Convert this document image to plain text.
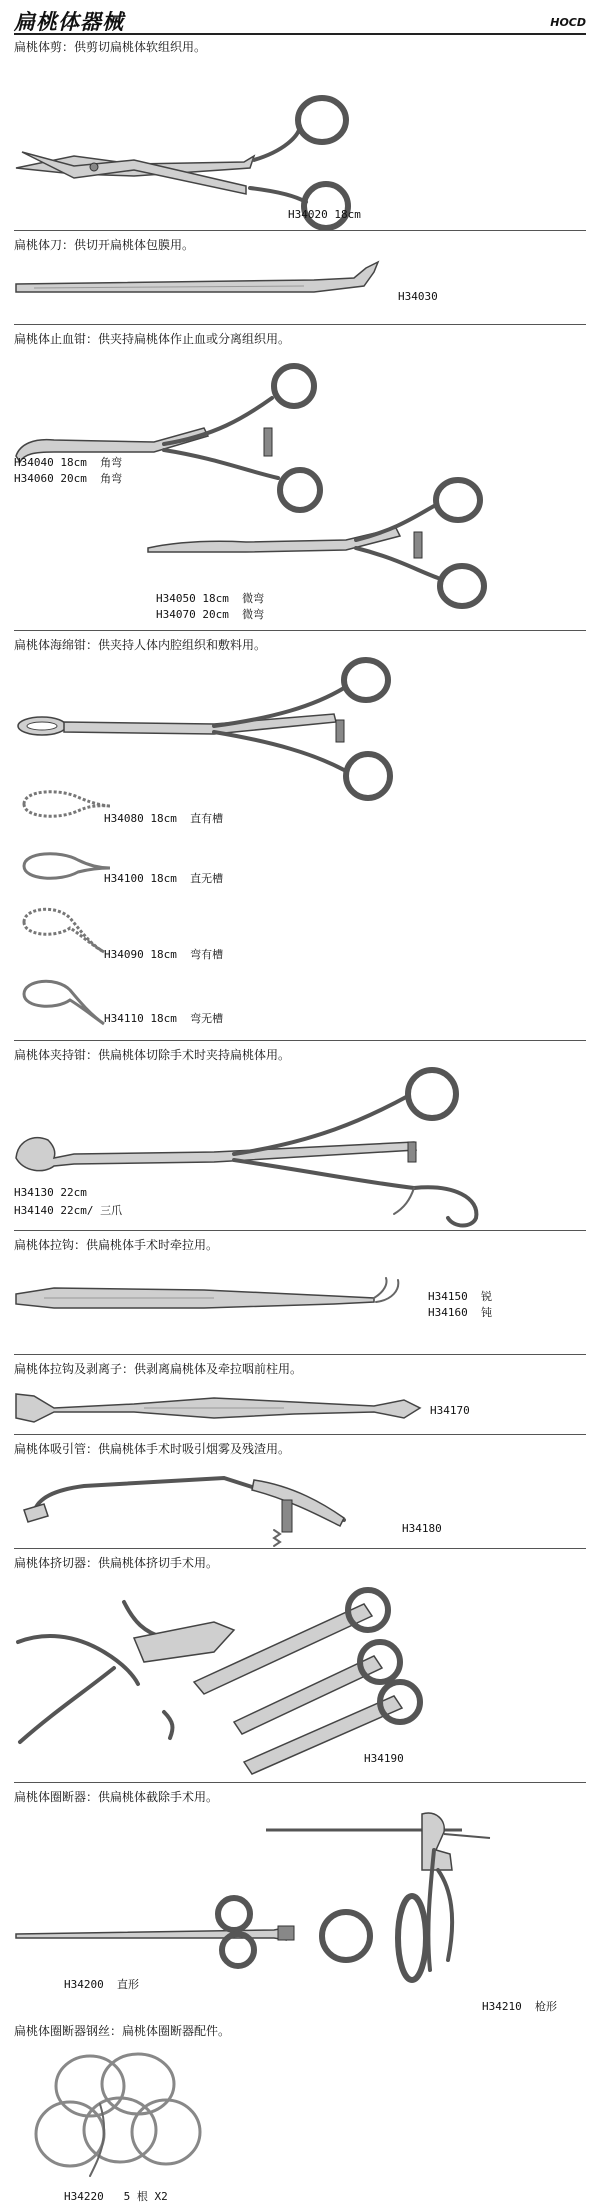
扁桃体器械	HOCD
扁桃体剪：供剪切扁桃体软组织用。
H34020 18cm
扁桃体刀：供切开扁桃体包膜用。
H34030
扁桃体止血钳：供夹持扁桃体作止血或分离组织用。
H34040 18cm  角弯
H34060 20cm  角弯
H34050 18cm  微弯
H34070 20cm  微弯
扁桃体海绵钳：供夹持人体内腔组织和敷料用。
H34080 18cm  直有槽
H34100 18cm  直无槽
H34090 18cm  弯有槽
H34110 18cm  弯无槽
扁桃体夹持钳：供扁桃体切除手术时夹持扁桃体用。
H34130 22cm
H34140 22cm/ 三爪
扁桃体拉钩：供扁桃体手术时牵拉用。
H34150  锐
H34160  钝
扁桃体拉钩及剥离子：供剥离扁桃体及牵拉咽前柱用。
H34170
扁桃体吸引管：供扁桃体手术时吸引烟雾及残渣用。
H34180
扁桃体挤切器：供扁桃体挤切手术用。
H34190
扁桃体圈断器：供扁桃体截除手术用。
H34200  直形
H34210  枪形
扁桃体圈断器钢丝：扁桃体圈断器配件。
H34220   5 根 X2
